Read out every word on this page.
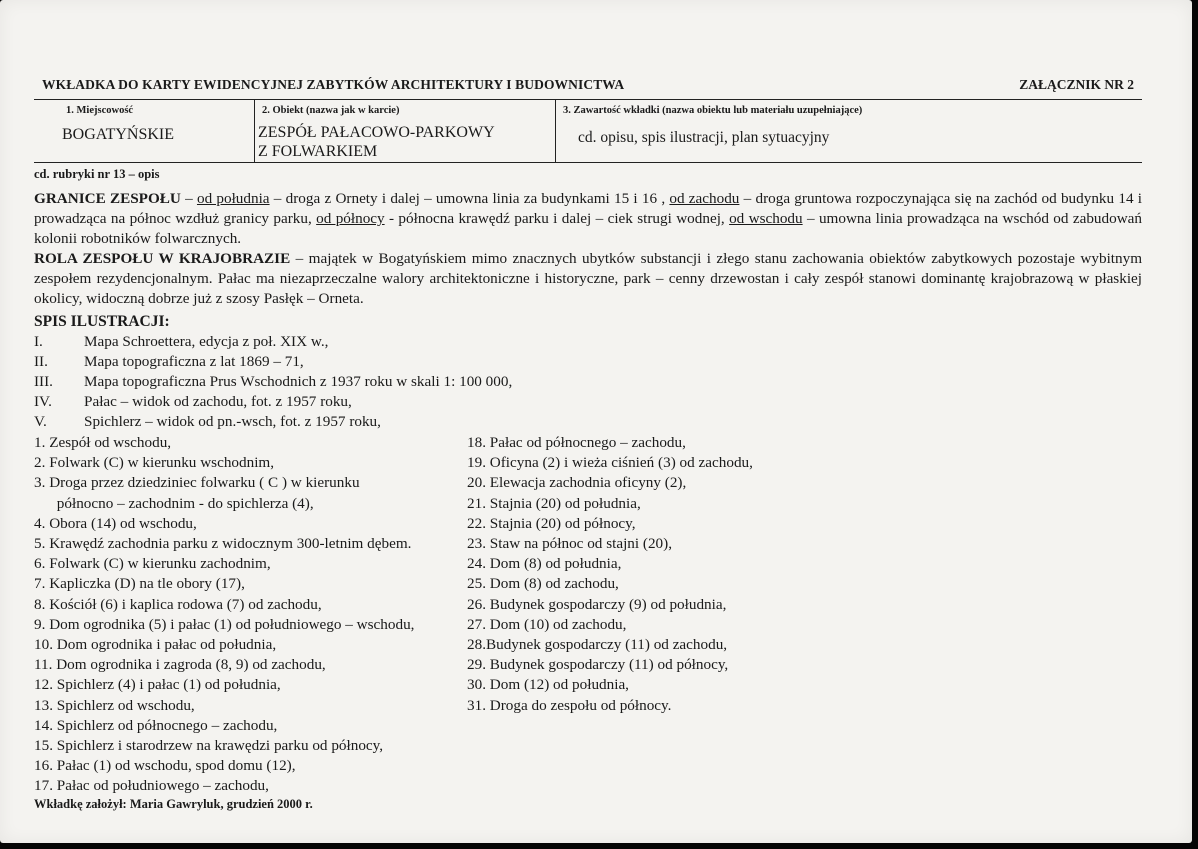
WKŁADKA DO KARTY EWIDENCYJNEJ ZABYTKÓW ARCHITEKTURY I BUDOWNICTWA	ZAŁĄCZNIK NR 2
1. Miejscowość
BOGATYŃSKIE
2. Obiekt (nazwa jak w karcie)
ZESPÓŁ PAŁACOWO-PARKOWY
Z FOLWARKIEM
3. Zawartość wkładki (nazwa obiektu lub materiału uzupełniające)
cd. opisu, spis ilustracji, plan sytuacyjny
cd. rubryki nr 13 – opis

GRANICE ZESPOŁU – od południa – droga z Ornety i dalej – umowna linia za budynkami 15 i 16 , od zachodu – droga gruntowa rozpoczynająca się na zachód od budynku 14 i prowadząca na północ wzdłuż granicy parku, od północy - północna krawędź parku i dalej – ciek strugi wodnej, od wschodu – umowna linia prowadząca na wschód od zabudowań kolonii robotników folwarcznych.

ROLA ZESPOŁU W KRAJOBRAZIE – majątek w Bogatyńskiem mimo znacznych ubytków substancji i złego stanu zachowania obiektów zabytkowych pozostaje wybitnym zespołem rezydencjonalnym. Pałac ma niezaprzeczalne walory architektoniczne i historyczne, park – cenny drzewostan i cały zespół stanowi dominantę krajobrazową w płaskiej okolicy, widoczną dobrze już z szosy Pasłęk – Orneta.

SPIS ILUSTRACJI:
I.	Mapa Schroettera, edycja z poł. XIX w.,
II. Mapa topograficzna z lat 1869 – 71,
III. Mapa topograficzna Prus Wschodnich z 1937 roku w skali 1: 100 000,
IV. Pałac – widok od zachodu, fot. z 1957 roku,
V. Spichlerz – widok od pn.-wsch, fot. z 1957 roku,
1. Zespół od wschodu,
2. Folwark (C) w kierunku wschodnim,
3. Droga przez dziedziniec folwarku ( C ) w kierunku
północno – zachodnim - do spichlerza (4),
4. Obora (14) od wschodu,
5. Krawędź zachodnia parku z widocznym 300-letnim dębem.
6. Folwark (C) w kierunku zachodnim,
7. Kapliczka (D) na tle obory (17),
8. Kościół (6) i kaplica rodowa (7) od zachodu,
9. Dom ogrodnika (5) i pałac (1) od południowego – wschodu,
10. Dom ogrodnika i pałac od południa,
11. Dom ogrodnika i zagroda (8, 9) od zachodu,
12. Spichlerz (4) i pałac (1) od południa,
13. Spichlerz od wschodu,
14. Spichlerz od północnego – zachodu,
15. Spichlerz i starodrzew na krawędzi parku od północy,
16. Pałac (1) od wschodu, spod domu (12),
17. Pałac od południowego – zachodu,
18. Pałac od północnego – zachodu,
19. Oficyna (2) i wieża ciśnień (3) od zachodu,
20. Elewacja zachodnia oficyny (2),
21. Stajnia (20) od południa,
22. Stajnia (20) od północy,
23. Staw na północ od stajni (20),
24. Dom (8) od południa,
25. Dom (8) od zachodu,
26. Budynek gospodarczy (9) od południa,
27. Dom (10) od zachodu,
28.Budynek gospodarczy (11) od zachodu,
29. Budynek gospodarczy (11) od północy,
30. Dom (12) od południa,
31. Droga do zespołu od północy.
Wkładkę założył: Maria Gawryluk, grudzień 2000 r.
